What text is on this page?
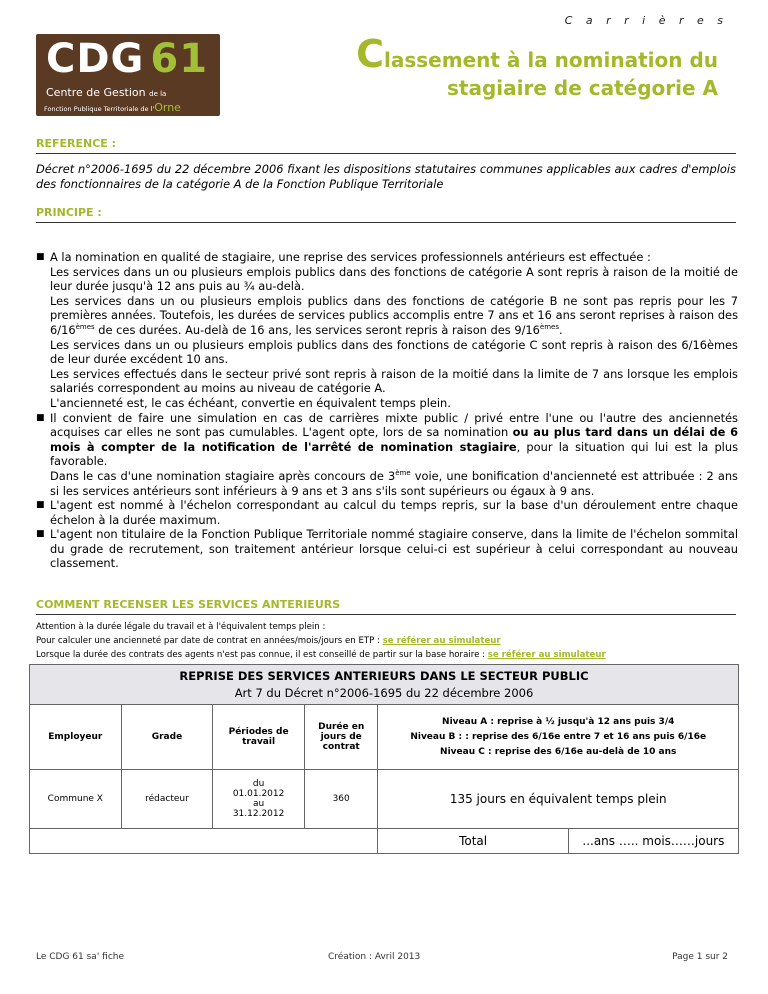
C a r r i è r e s
CDG 61
Centre de Gestion de la
Fonction Publique Territoriale de l'Orne
Classement à la nomination du
stagiaire de catégorie A
REFERENCE :
Décret n°2006-1695 du 22 décembre 2006 fixant les dispositions statutaires communes applicables aux cadres d'emplois des fonctionnaires de la catégorie A de la Fonction Publique Territoriale
PRINCIPE :
■ A la nomination en qualité de stagiaire, une reprise des services professionnels antérieurs est effectuée :

Les services dans un ou plusieurs emplois publics dans des fonctions de catégorie A sont repris à raison de la moitié de leur durée jusqu'à 12 ans puis au ¾ au-delà.

Les services dans un ou plusieurs emplois publics dans des fonctions de catégorie B ne sont pas repris pour les 7 premières années. Toutefois, les durées de services publics accomplis entre 7 ans et 16 ans seront reprises à raison des 6/16èmes de ces durées. Au-delà de 16 ans, les services seront repris à raison des 9/16èmes.

Les services dans un ou plusieurs emplois publics dans des fonctions de catégorie C sont repris à raison des 6/16èmes de leur durée excédent 10 ans.

Les services effectués dans le secteur privé sont repris à raison de la moitié dans la limite de 7 ans lorsque les emplois salariés correspondent au moins au niveau de catégorie A.

L'ancienneté est, le cas échéant, convertie en équivalent temps plein.

■ Il convient de faire une simulation en cas de carrières mixte public / privé entre l'une ou l'autre des anciennetés acquises car elles ne sont pas cumulables. L'agent opte, lors de sa nomination ou au plus tard dans un délai de 6 mois à compter de la notification de l'arrêté de nomination stagiaire, pour la situation qui lui est la plus favorable.

Dans le cas d'une nomination stagiaire après concours de 3ème voie, une bonification d'ancienneté est attribuée : 2 ans si les services antérieurs sont inférieurs à 9 ans et 3 ans s'ils sont supérieurs ou égaux à 9 ans.

■ L'agent est nommé à l'échelon correspondant au calcul du temps repris, sur la base d'un déroulement entre chaque échelon à la durée maximum.

■ L'agent non titulaire de la Fonction Publique Territoriale nommé stagiaire conserve, dans la limite de l'échelon sommital du grade de recrutement, son traitement antérieur lorsque celui-ci est supérieur à celui correspondant au nouveau classement.

COMMENT RECENSER LES SERVICES ANTERIEURS
Attention à la durée légale du travail et à l'équivalent temps plein :
Pour calculer une ancienneté par date de contrat en années/mois/jours en ETP : se référer au simulateur
Lorsque la durée des contrats des agents n'est pas connue, il est conseillé de partir sur la base horaire : se référer au simulateur
REPRISE DES SERVICES ANTERIEURS DANS LE SECTEUR PUBLIC
Art 7 du Décret n°2006-1695 du 22 décembre 2006					

Employeur	Grade	Périodes de travail	Durée en jours de contrat	Niveau A : reprise à ½ jusqu'à 12 ans puis 3/4
Niveau B : : reprise des 6/16e entre 7 et 16 ans puis 6/16e
Niveau C : reprise des 6/16e au-delà de 10 ans	

Commune X	rédacteur	du
01.01.2012
au
31.12.2012	360	135 jours en équivalent temps plein	
				Total	...ans ….. mois……jours
Le CDG 61 sa' fiche	Création : Avril 2013	Page 1 sur 2
